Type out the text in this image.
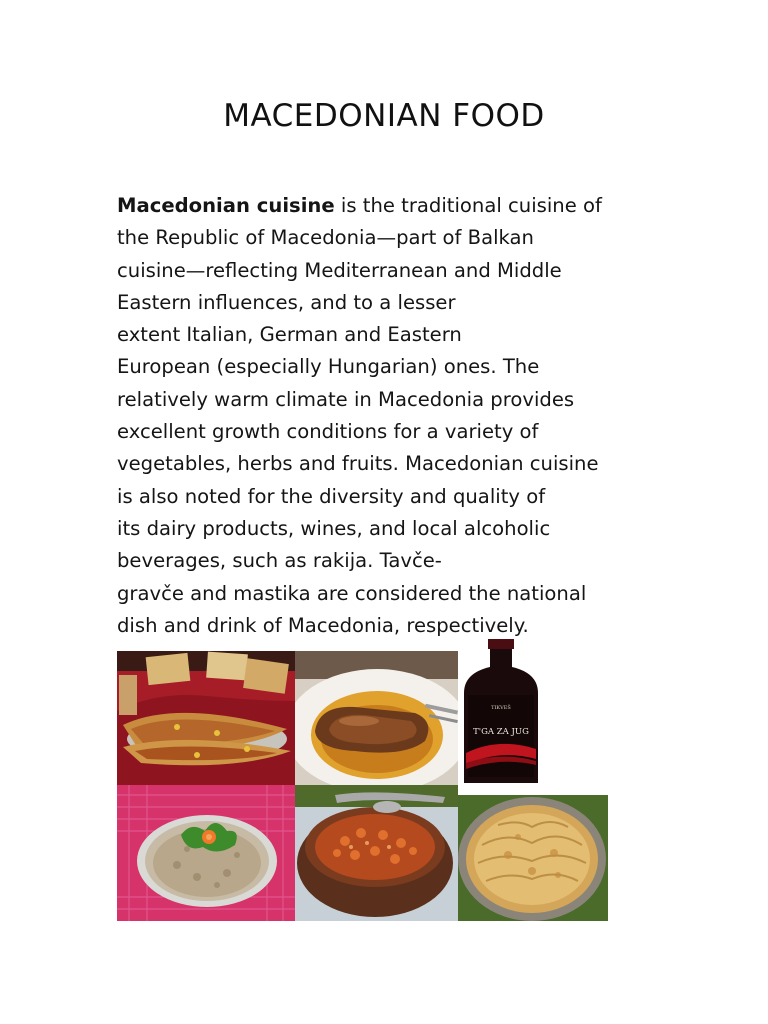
MACEDONIAN FOOD
Macedonian cuisine is the traditional cuisine of
the Republic of Macedonia—part of Balkan
cuisine—reflecting Mediterranean and Middle
Eastern influences, and to a lesser
extent Italian, German and Eastern
European (especially Hungarian) ones. The
relatively warm climate in Macedonia provides
excellent growth conditions for a variety of
vegetables, herbs and fruits. Macedonian cuisine
is also noted for the diversity and quality of
its dairy products, wines, and local alcoholic
beverages, such as rakija. Tavče-
gravče and mastika are considered the national
dish and drink of Macedonia, respectively.
TIKVEŠ
T'GA ZA JUG
